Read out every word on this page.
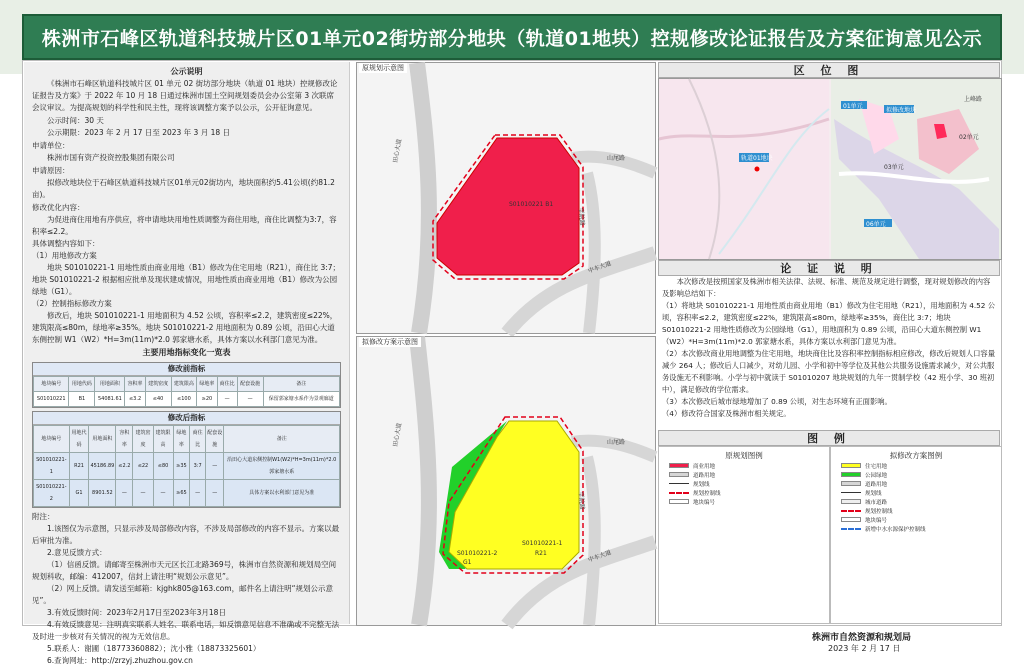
株洲市石峰区轨道科技城片区01单元02街坊部分地块（轨道01地块）控规修改论证报告及方案征询意见公示

公示说明

《株洲市石峰区轨道科技城片区 01 单元 02 街坊部分地块（轨道 01 地块）控规修改论证报告及方案》于 2022 年 10 月 18 日通过株洲市国土空间规划委员会办公室第 3 次联席会议审议。为提高规划的科学性和民主性，现将该调整方案予以公示，公开征询意见。

公示时间：30 天

公示期限：2023 年 2 月 17 日至 2023 年 3 月 18 日

申请单位：

株洲市国有资产投资控股集团有限公司

申请原因：

拟修改地块位于石峰区轨道科技城片区01单元02街坊内，地块面积约5.41公顷(约81.2亩)。

修改优化内容：

为促进商住用地有序供应，将申请地块用地性质调整为商住用地，商住比调整为3:7，容积率≤2.2。

具体调整内容如下：

（1）用地修改方案

地块 S01010221-1 用地性质由商业用地（B1）修改为住宅用地（R21），商住比 3:7；地块 S01010221-2 根据相应批单及现状建成情况，用地性质由商业用地（B1）修改为公园绿地（G1）。

（2）控制指标修改方案

修改后，地块 S01010221-1 用地面积为 4.52 公顷，容积率≤2.2，建筑密度≤22%，建筑限高≤80m，绿地率≥35%。地块 S01010221-2 用地面积为 0.89 公顷，沿田心大道东侧控制 W1（W2）*H=3m(11m)*2.0 郭家塘水系，具体方案以水利部门意见为准。

主要用地指标变化一览表

修改前指标
地块编号	用地代码	用地面积	容积率	建筑密度	建筑限高	绿地率	商住比	配套设施	备注
S01010221	B1	54081.61	≤3.2	≤40	≤100	≥20	—	—	保留郭家塘水系作为景观廊道
修改后指标
地块编号	用地代码	用地面积	容积率	建筑密度	建筑限高	绿地率	商住比	配套设施	备注
S01010221-1	R21	45186.89	≤2.2	≤22	≤80	≥35	3:7	—	沿田心大道东侧控制W1(W2)*H=3m(11m)*2.0郭家塘水系
S01010221-2	G1	8901.52	—	—	—	≥65	—	—	具体方案以水利部门意见为准

附注：

1.该图仅为示意图，只显示涉及局部修改内容，不涉及局部修改的内容不显示。方案以最后审批为准。

2.意见反馈方式：

（1）信函反馈。请邮寄至株洲市天元区长江北路369号，株洲市自然资源和规划局空间规划科收，邮编：412007，信封上请注明“规划公示意见”。

（2）网上反馈。请发送至邮箱：kjghk805@163.com，邮件名上请注明“规划公示意见”。

3.有效反馈时间：2023年2月17日至2023年3月18日

4.有效反馈意见：注明真实联系人姓名、联系电话，如反馈意见信息不准确或不完整无法及时进一步核对有关情况的视为无效信息。

5.联系人：谢圃（18773360882）；沈小雅（18873325601）

6.查询网址：http://zrzyj.zhuzhou.gov.cn

原规划示意图
S01010221 B1
田心大道	山尾路
学院路
中车大道
拟修改方案示意图
S01010221-1
R21
S01010221-2
G1
田心大道	山尾路
学院路
中车大道
区 位 图
轨道01地块
01单元
02单元
03单元
拟修改地块
06单元
上峰路
论 证 说 明

本次修改是按照国家及株洲市相关法律、法规、标准、规范及规定进行调整，现对规划修改的内容及影响总结如下：

（1）将地块 S01010221-1 用地性质由商业用地（B1）修改为住宅用地（R21），用地面积为 4.52 公顷，容积率≤2.2，建筑密度≤22%，建筑限高≤80m，绿地率≥35%，商住比 3:7；地块 S01010221-2 用地性质修改为公园绿地（G1），用地面积为 0.89 公顷，沿田心大道东侧控制 W1（W2）*H=3m(11m)*2.0 郭家塘水系，具体方案以水利部门意见为准。

（2）本次修改商业用地调整为住宅用地，地块商住比及容积率控制指标相应修改，修改后规划人口容量减少 264 人；修改后人口减少，对幼儿园、小学和初中等学位及其他公共服务设施需求减少，对公共服务设施无不利影响。小学与初中就读于 S01010207 地块规划的九年一贯制学校（42 班小学、30 班初中），满足修改的学位需求。

（3）本次修改后城市绿地增加了 0.89 公顷，对生态环境有正面影响。

（4）修改符合国家及株洲市相关规定。

图 例
原规划图例
商业用地
道路用地
规划线
规划控制线
地块编号
拟修改方案图例
住宅用地
公园绿地
道路用地
规划线
城市道路
规划控制线
地块编号
新增中水水源保护控制线
株洲市自然资源和规划局
2023 年 2 月 17 日
